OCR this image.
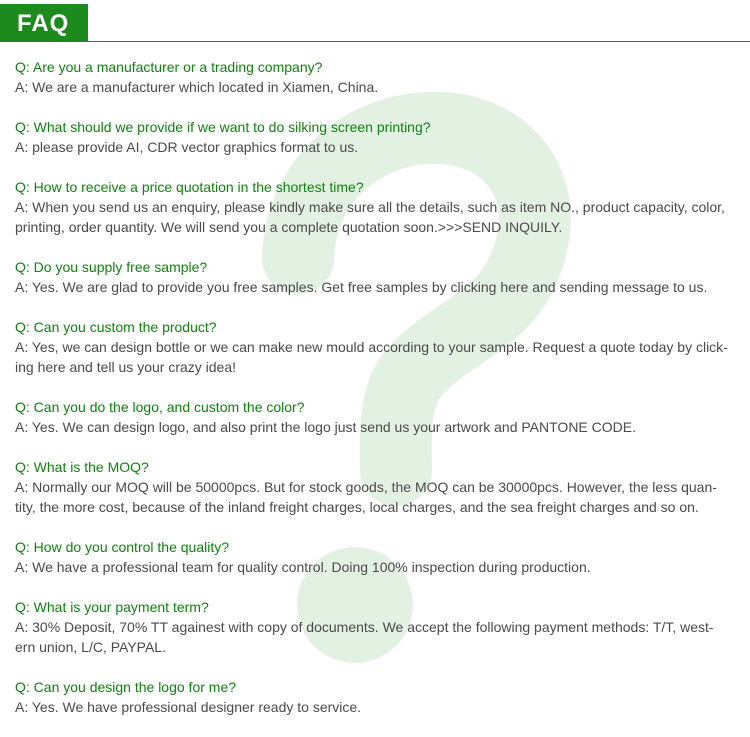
FAQ
Q: Are you a manufacturer or a trading company?
A: We are a manufacturer which located in Xiamen, China.
Q: What should we provide if we want to do silking screen printing?
A: please provide AI, CDR vector graphics format to us.
Q: How to receive a price quotation in the shortest time?
A: When you send us an enquiry, please kindly make sure all the details, such as item NO., product capacity, color,
printing, order quantity. We will send you a complete quotation soon.>>>SEND INQUILY.
Q: Do you supply free sample?
A: Yes. We are glad to provide you free samples. Get free samples by clicking here and sending message to us.
Q: Can you custom the product?
A: Yes, we can design bottle or we can make new mould according to your sample. Request a quote today by click-
ing here and tell us your crazy idea!
Q: Can you do the logo, and custom the color?
A: Yes. We can design logo, and also print the logo just send us your artwork and PANTONE CODE.
Q: What is the MOQ?
A: Normally our MOQ will be 50000pcs. But for stock goods, the MOQ can be 30000pcs. However, the less quan-
tity, the more cost, because of the inland freight charges, local charges, and the sea freight charges and so on.
Q: How do you control the quality?
A: We have a professional team for quality control. Doing 100% inspection during production.
Q: What is your payment term?
A: 30% Deposit, 70% TT againest with copy of documents. We accept the following payment methods: T/T, west-
ern union, L/C, PAYPAL.
Q: Can you design the logo for me?
A: Yes. We have professional designer ready to service.
